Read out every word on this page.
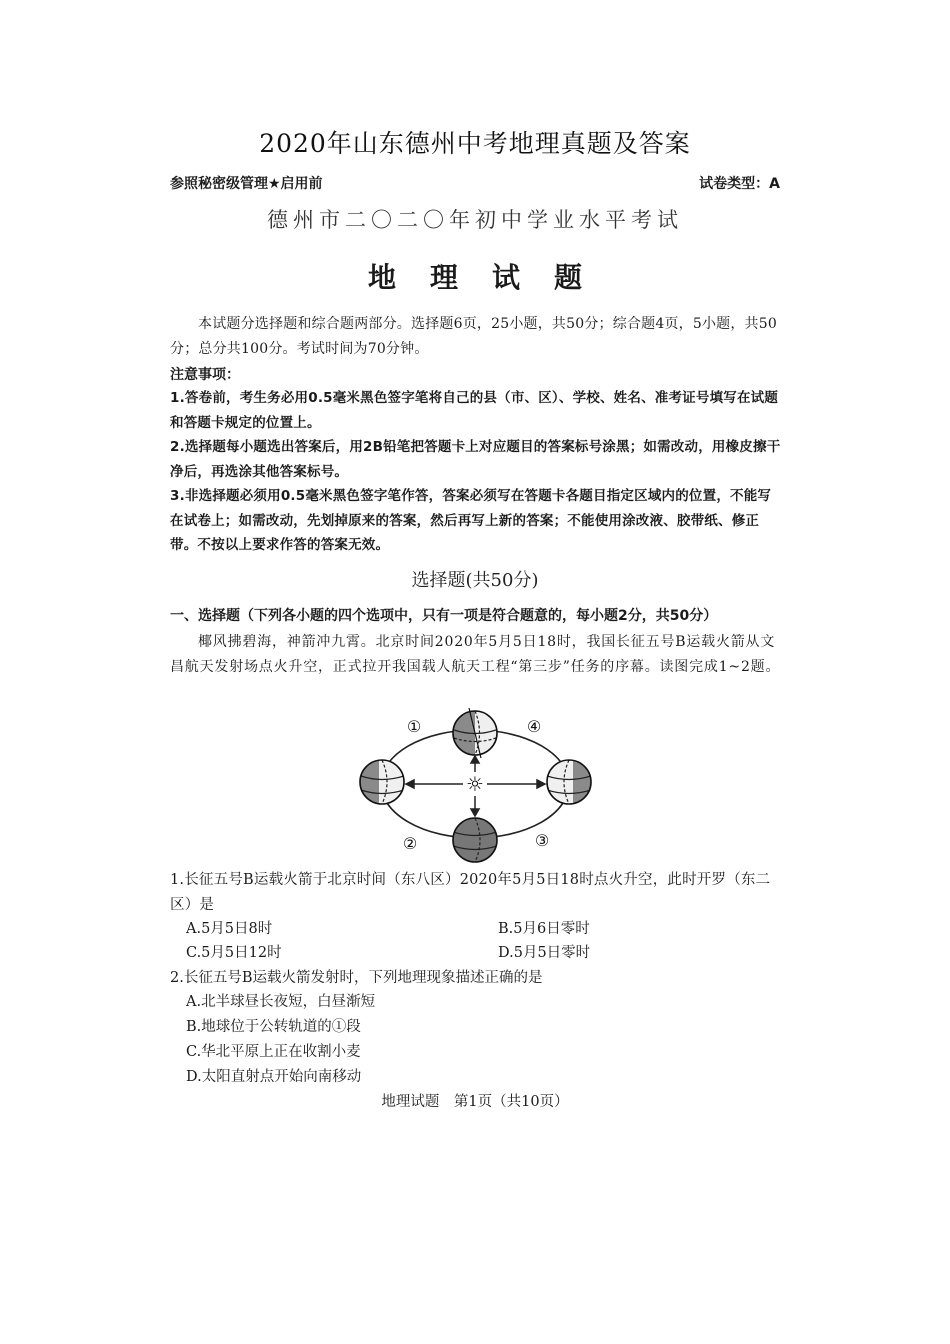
2020年山东德州中考地理真题及答案
参照秘密级管理★启用前	试卷类型：A
德州市二〇二〇年初中学业水平考试
地理试题
本试题分选择题和综合题两部分。选择题6页，25小题，共50分；综合题4页，5小题，共50分；总分共100分。考试时间为70分钟。
注意事项：
1.答卷前，考生务必用0.5毫米黑色签字笔将自己的县（市、区）、学校、姓名、准考证号填写在试题和答题卡规定的位置上。
2.选择题每小题选出答案后，用2B铅笔把答题卡上对应题目的答案标号涂黑；如需改动，用橡皮擦干净后，再选涂其他答案标号。
3.非选择题必须用0.5毫米黑色签字笔作答，答案必须写在答题卡各题目指定区域内的位置，不能写在试卷上；如需改动，先划掉原来的答案，然后再写上新的答案；不能使用涂改液、胶带纸、修正带。不按以上要求作答的答案无效。
选择题(共50分)
一、选择题（下列各小题的四个选项中，只有一项是符合题意的，每小题2分，共50分）
椰风拂碧海，神箭冲九霄。北京时间2020年5月5日18时，我国长征五号B运载火箭从文昌航天发射场点火升空，正式拉开我国载人航天工程“第三步”任务的序幕。读图完成1~2题。
☼
①	④
②	③
1.长征五号B运载火箭于北京时间（东八区）2020年5月5日18时点火升空，此时开罗（东二区）是
A.5月5日8时	B.5月6日零时
C.5月5日12时	D.5月5日零时
2.长征五号B运载火箭发射时，下列地理现象描述正确的是
A.北半球昼长夜短，白昼渐短
B.地球位于公转轨道的①段
C.华北平原上正在收割小麦
D.太阳直射点开始向南移动
地理试题　第1页（共10页）
